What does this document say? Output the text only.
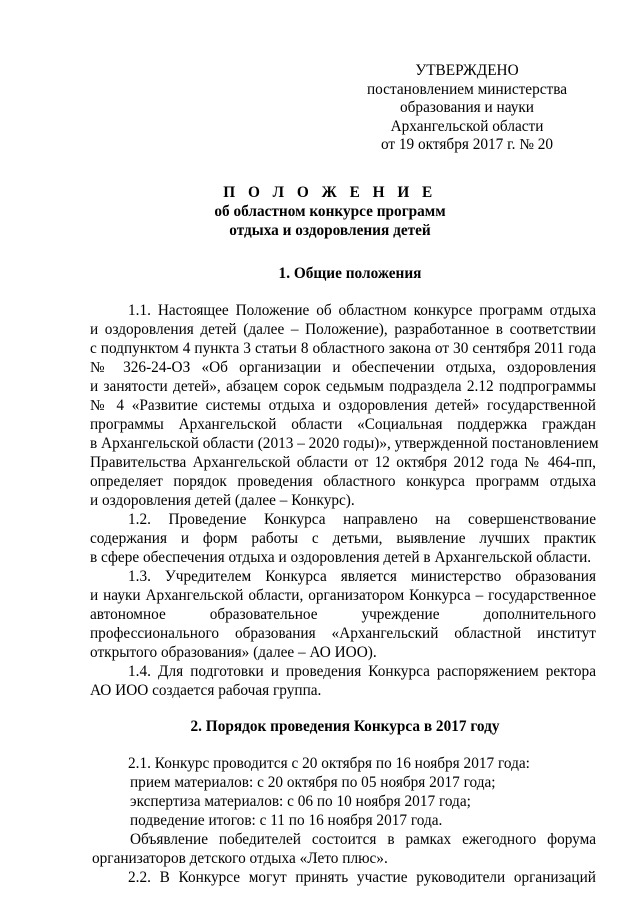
УТВЕРЖДЕНО
постановлением министерства
образования и науки
Архангельской области
от 19 октября 2017 г. № 20
П О Л О Ж Е Н И Е
об областном конкурсе программ
отдыха и оздоровления детей
1. Общие положения
1.1. Настоящее Положение об областном конкурсе программ отдыха
и оздоровления детей (далее – Положение), разработанное в соответствии
с подпунктом 4 пункта 3 статьи 8 областного закона от 30 сентября 2011 года
№ 326-24-ОЗ «Об организации и обеспечении отдыха, оздоровления
и занятости детей», абзацем сорок седьмым подраздела 2.12 подпрограммы
№ 4 «Развитие системы отдыха и оздоровления детей» государственной
программы Архангельской области «Социальная поддержка граждан
в Архангельской области (2013 – 2020 годы)», утвержденной постановлением
Правительства Архангельской области от 12 октября 2012 года № 464-пп,
определяет порядок проведения областного конкурса программ отдыха
и оздоровления детей (далее – Конкурс).
1.2. Проведение Конкурса направлено на совершенствование
содержания и форм работы с детьми, выявление лучших практик
в сфере обеспечения отдыха и оздоровления детей в Архангельской области.
1.3. Учредителем Конкурса является министерство образования
и науки Архангельской области, организатором Конкурса – государственное
автономное образовательное учреждение дополнительного
профессионального образования «Архангельский областной институт
открытого образования» (далее – АО ИОО).
1.4. Для подготовки и проведения Конкурса распоряжением ректора
АО ИОО создается рабочая группа.
2. Порядок проведения Конкурса в 2017 году
2.1. Конкурс проводится с 20 октября по 16 ноября 2017 года:
прием материалов: с 20 октября по 05 ноября 2017 года;
экспертиза материалов: с 06 по 10 ноября 2017 года;
подведение итогов: с 11 по 16 ноября 2017 года.
Объявление победителей состоится в рамках ежегодного форума
организаторов детского отдыха «Лето плюс».
2.2. В Конкурсе могут принять участие руководители организаций
